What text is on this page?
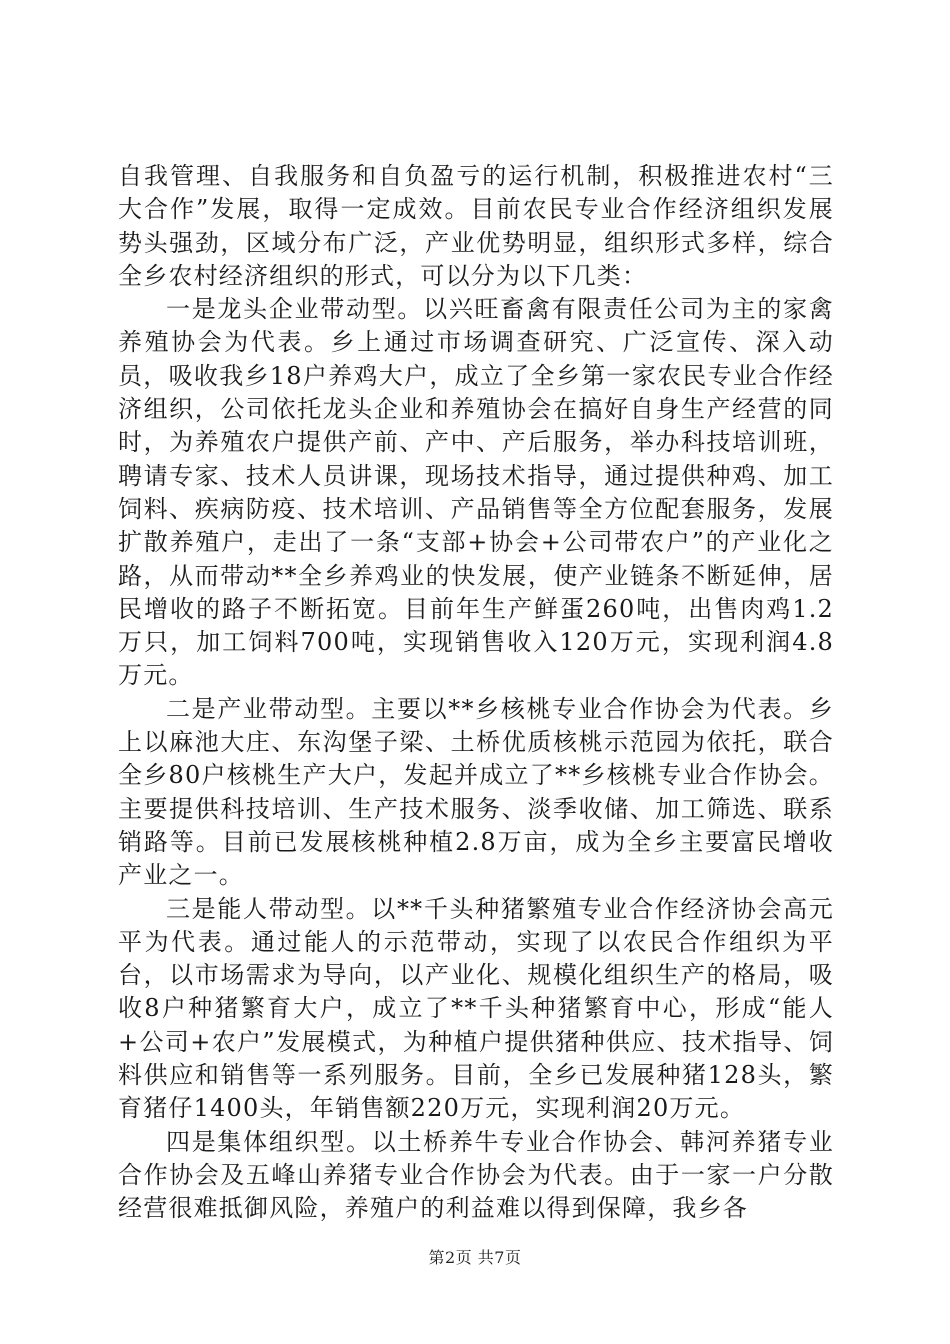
自我管理、自我服务和自负盈亏的运行机制，积极推进农村“三大合作”发展，取得一定成效。目前农民专业合作经济组织发展势头强劲，区域分布广泛，产业优势明显，组织形式多样，综合全乡农村经济组织的形式，可以分为以下几类：

一是龙头企业带动型。以兴旺畜禽有限责任公司为主的家禽养殖协会为代表。乡上通过市场调查研究、广泛宣传、深入动员，吸收我乡18户养鸡大户，成立了全乡第一家农民专业合作经济组织，公司依托龙头企业和养殖协会在搞好自身生产经营的同时，为养殖农户提供产前、产中、产后服务，举办科技培训班，聘请专家、技术人员讲课，现场技术指导，通过提供种鸡、加工饲料、疾病防疫、技术培训、产品销售等全方位配套服务，发展扩散养殖户，走出了一条“支部+协会+公司带农户”的产业化之路，从而带动**全乡养鸡业的快发展，使产业链条不断延伸，居民增收的路子不断拓宽。目前年生产鲜蛋260吨，出售肉鸡1.2万只，加工饲料700吨，实现销售收入120万元，实现利润4.8万元。

二是产业带动型。主要以**乡核桃专业合作协会为代表。乡上以麻池大庄、东沟堡子梁、土桥优质核桃示范园为依托，联合全乡80户核桃生产大户，发起并成立了**乡核桃专业合作协会。主要提供科技培训、生产技术服务、淡季收储、加工筛选、联系销路等。目前已发展核桃种植2.8万亩，成为全乡主要富民增收产业之一。

三是能人带动型。以**千头种猪繁殖专业合作经济协会高元平为代表。通过能人的示范带动，实现了以农民合作组织为平台，以市场需求为导向，以产业化、规模化组织生产的格局，吸收8户种猪繁育大户，成立了**千头种猪繁育中心，形成“能人+公司+农户”发展模式，为种植户提供猪种供应、技术指导、饲料供应和销售等一系列服务。目前，全乡已发展种猪128头，繁育猪仔1400头，年销售额220万元，实现利润20万元。

四是集体组织型。以土桥养牛专业合作协会、韩河养猪专业合作协会及五峰山养猪专业合作协会为代表。由于一家一户分散经营很难抵御风险，养殖户的利益难以得到保障，我乡各

第2页 共7页
